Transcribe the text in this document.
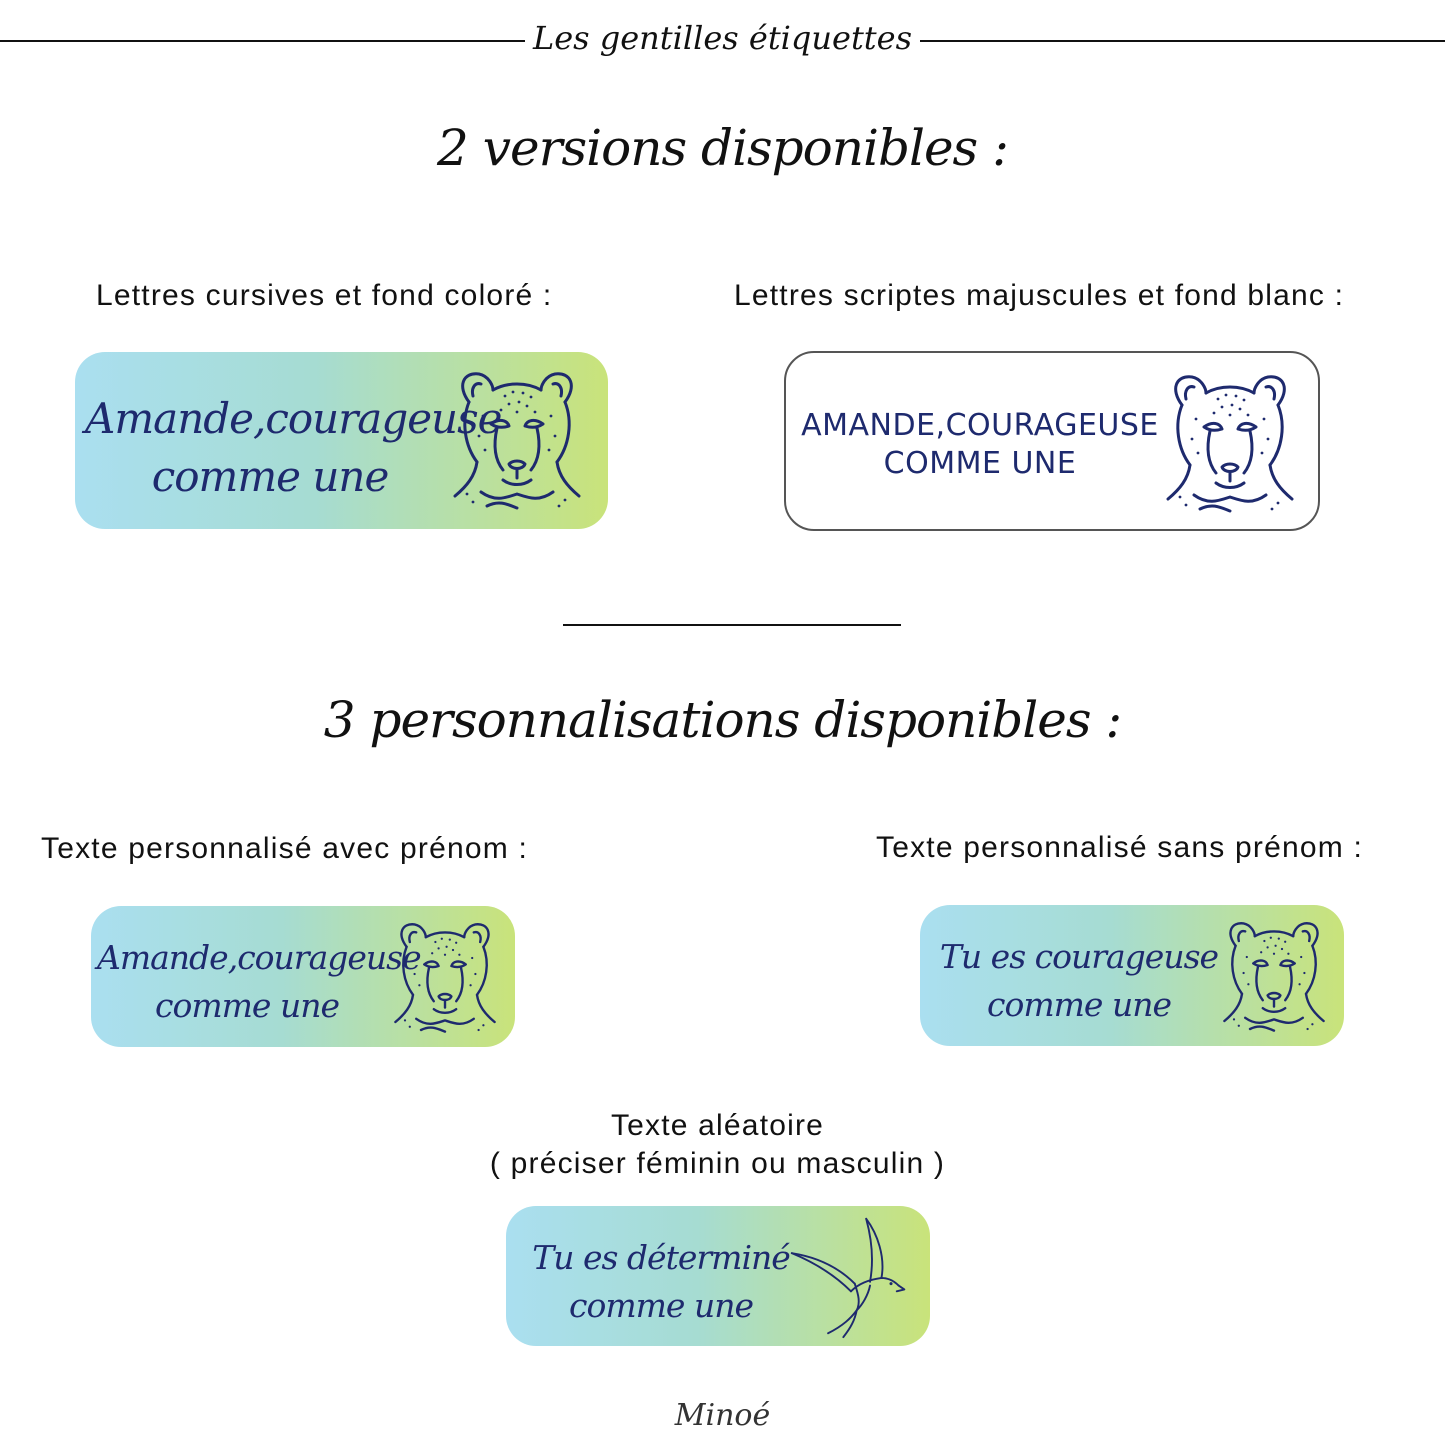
Les gentilles étiquettes
2 versions disponibles :
Lettres cursives et fond coloré :	Lettres scriptes majuscules et fond blanc :
Amande,courageuse
comme une
AMANDE,COURAGEUSE
COMME UNE
3 personnalisations disponibles :
Texte personnalisé avec prénom :	Texte personnalisé sans prénom :
Amande,courageuse
comme une
Tu es courageuse
comme une
Texte aléatoire
( préciser féminin ou masculin )
Tu es déterminé
comme une
Minoé
